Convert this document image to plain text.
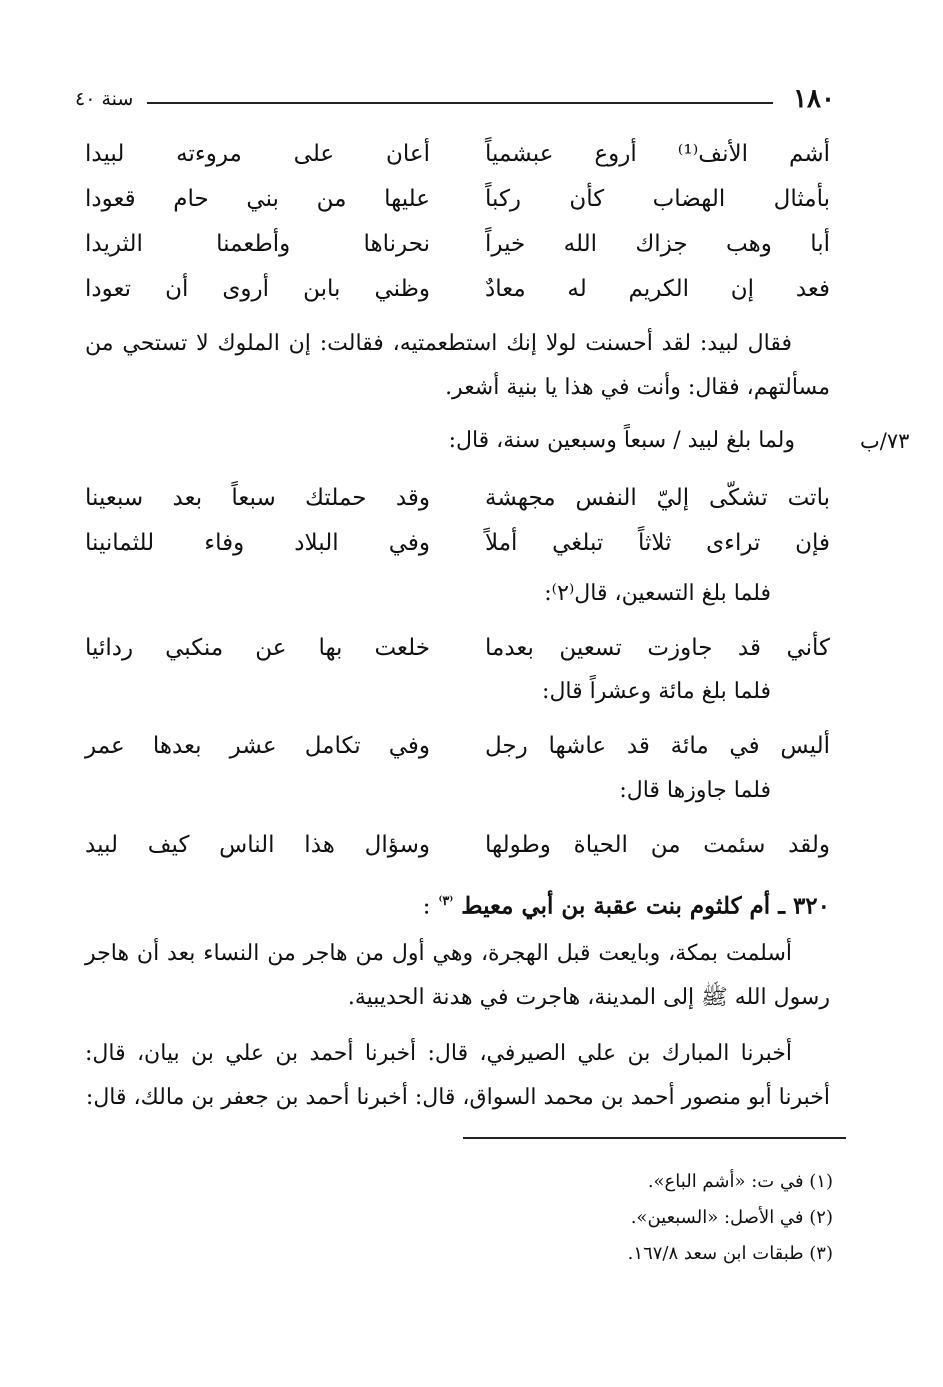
١٨٠
سنة ٤٠
أشم الأنف⁽¹⁾ أروع عبشمياً
أعان على مروءته لبيدا
بأمثال الهضاب كأن ركباً
عليها من بني حام قعودا
أبا وهب جزاك الله خيراً
نحرناها وأطعمنا الثريدا
فعد إن الكريم له معادٌ
وظني بابن أروى أن تعودا
فقال لبيد: لقد أحسنت لولا إنك استطعمتيه، فقالت: إن الملوك لا تستحي من مسألتهم، فقال: وأنت في هذا يا بنية أشعر.
٧٣/ب
ولما بلغ لبيد / سبعاً وسبعين سنة، قال:
باتت تشكّى إليّ النفس مجهشة
وقد حملتك سبعاً بعد سبعينا
فإن تراءى ثلاثاً تبلغي أملاً
وفي البلاد وفاء للثمانينا
فلما بلغ التسعين، قال⁽٢⁾:
كأني قد جاوزت تسعين بعدما
خلعت بها عن منكبي ردائيا
فلما بلغ مائة وعشراً قال:
أليس في مائة قد عاشها رجل
وفي تكامل عشر بعدها عمر
فلما جاوزها قال:
ولقد سئمت من الحياة وطولها
وسؤال هذا الناس كيف لبيد
٣٢٠ ـ أم كلثوم بنت عقبة بن أبي معيط $^{^(٣^)}$ :
أسلمت بمكة، وبايعت قبل الهجرة، وهي أول من هاجر من النساء بعد أن هاجر رسول الله ﷺ إلى المدينة، هاجرت في هدنة الحديبية.
أخبرنا المبارك بن علي الصيرفي، قال: أخبرنا أحمد بن علي بن بيان، قال: أخبرنا أبو منصور أحمد بن محمد السواق، قال: أخبرنا أحمد بن جعفر بن مالك، قال:
(١) في ت: «أشم الباع».
(٢) في الأصل: «السبعين».
(٣) طبقات ابن سعد ١٦٧/٨.
